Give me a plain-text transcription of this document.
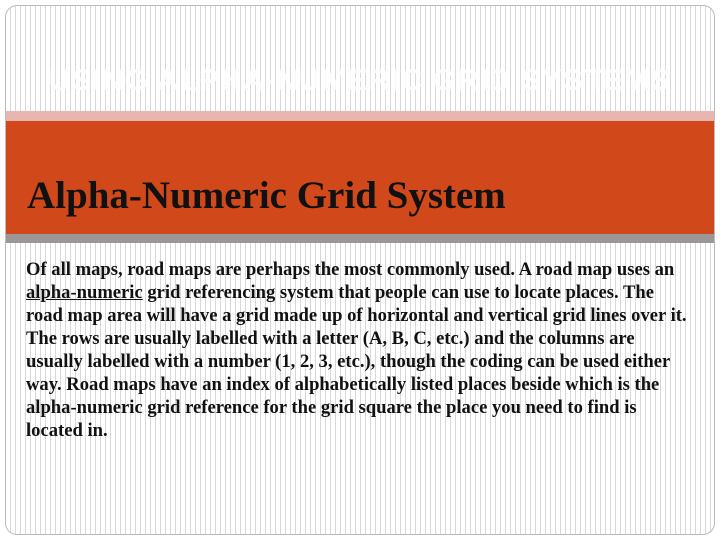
USING ALPHA-NUMERIC GRID SYSTEMS
Alpha-Numeric Grid System
Of all maps, road maps are perhaps the most commonly used. A road map uses an alpha-numeric grid referencing system that people can use to locate places. The road map area will have a grid made up of horizontal and vertical grid lines over it. The rows are usually labelled with a letter (A, B, C, etc.) and the columns are usually labelled with a number (1, 2, 3, etc.), though the coding can be used either way. Road maps have an index of alphabetically listed places beside which is the alpha-numeric grid reference for the grid square the place you need to find is located in.
